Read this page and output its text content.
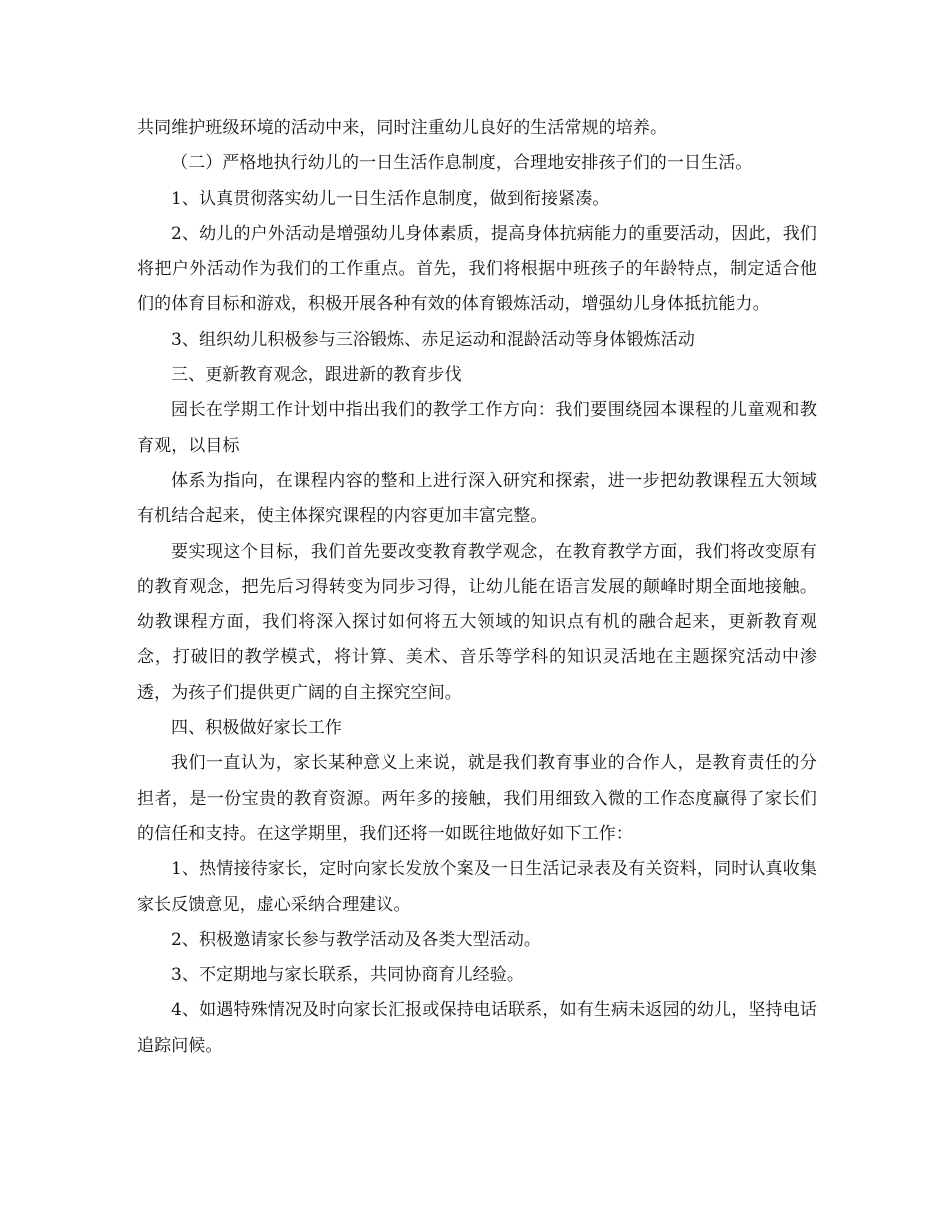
共同维护班级环境的活动中来，同时注重幼儿良好的生活常规的培养。

（二）严格地执行幼儿的一日生活作息制度，合理地安排孩子们的一日生活。

1、认真贯彻落实幼儿一日生活作息制度，做到衔接紧凑。

2、幼儿的户外活动是增强幼儿身体素质，提高身体抗病能力的重要活动，因此，我们将把户外活动作为我们的工作重点。首先，我们将根据中班孩子的年龄特点，制定适合他们的体育目标和游戏，积极开展各种有效的体育锻炼活动，增强幼儿身体抵抗能力。

3、组织幼儿积极参与三浴锻炼、赤足运动和混龄活动等身体锻炼活动

三、更新教育观念，跟进新的教育步伐

园长在学期工作计划中指出我们的教学工作方向：我们要围绕园本课程的儿童观和教育观，以目标

体系为指向，在课程内容的整和上进行深入研究和探索，进一步把幼教课程五大领域有机结合起来，使主体探究课程的内容更加丰富完整。

要实现这个目标，我们首先要改变教育教学观念，在教育教学方面，我们将改变原有的教育观念，把先后习得转变为同步习得，让幼儿能在语言发展的颠峰时期全面地接触。幼教课程方面，我们将深入探讨如何将五大领域的知识点有机的融合起来，更新教育观念，打破旧的教学模式，将计算、美术、音乐等学科的知识灵活地在主题探究活动中渗透，为孩子们提供更广阔的自主探究空间。

四、积极做好家长工作

我们一直认为，家长某种意义上来说，就是我们教育事业的合作人，是教育责任的分担者，是一份宝贵的教育资源。两年多的接触，我们用细致入微的工作态度赢得了家长们的信任和支持。在这学期里，我们还将一如既往地做好如下工作：

1、热情接待家长，定时向家长发放个案及一日生活记录表及有关资料，同时认真收集家长反馈意见，虚心采纳合理建议。

2、积极邀请家长参与教学活动及各类大型活动。

3、不定期地与家长联系，共同协商育儿经验。

4、如遇特殊情况及时向家长汇报或保持电话联系，如有生病未返园的幼儿，坚持电话追踪问候。
